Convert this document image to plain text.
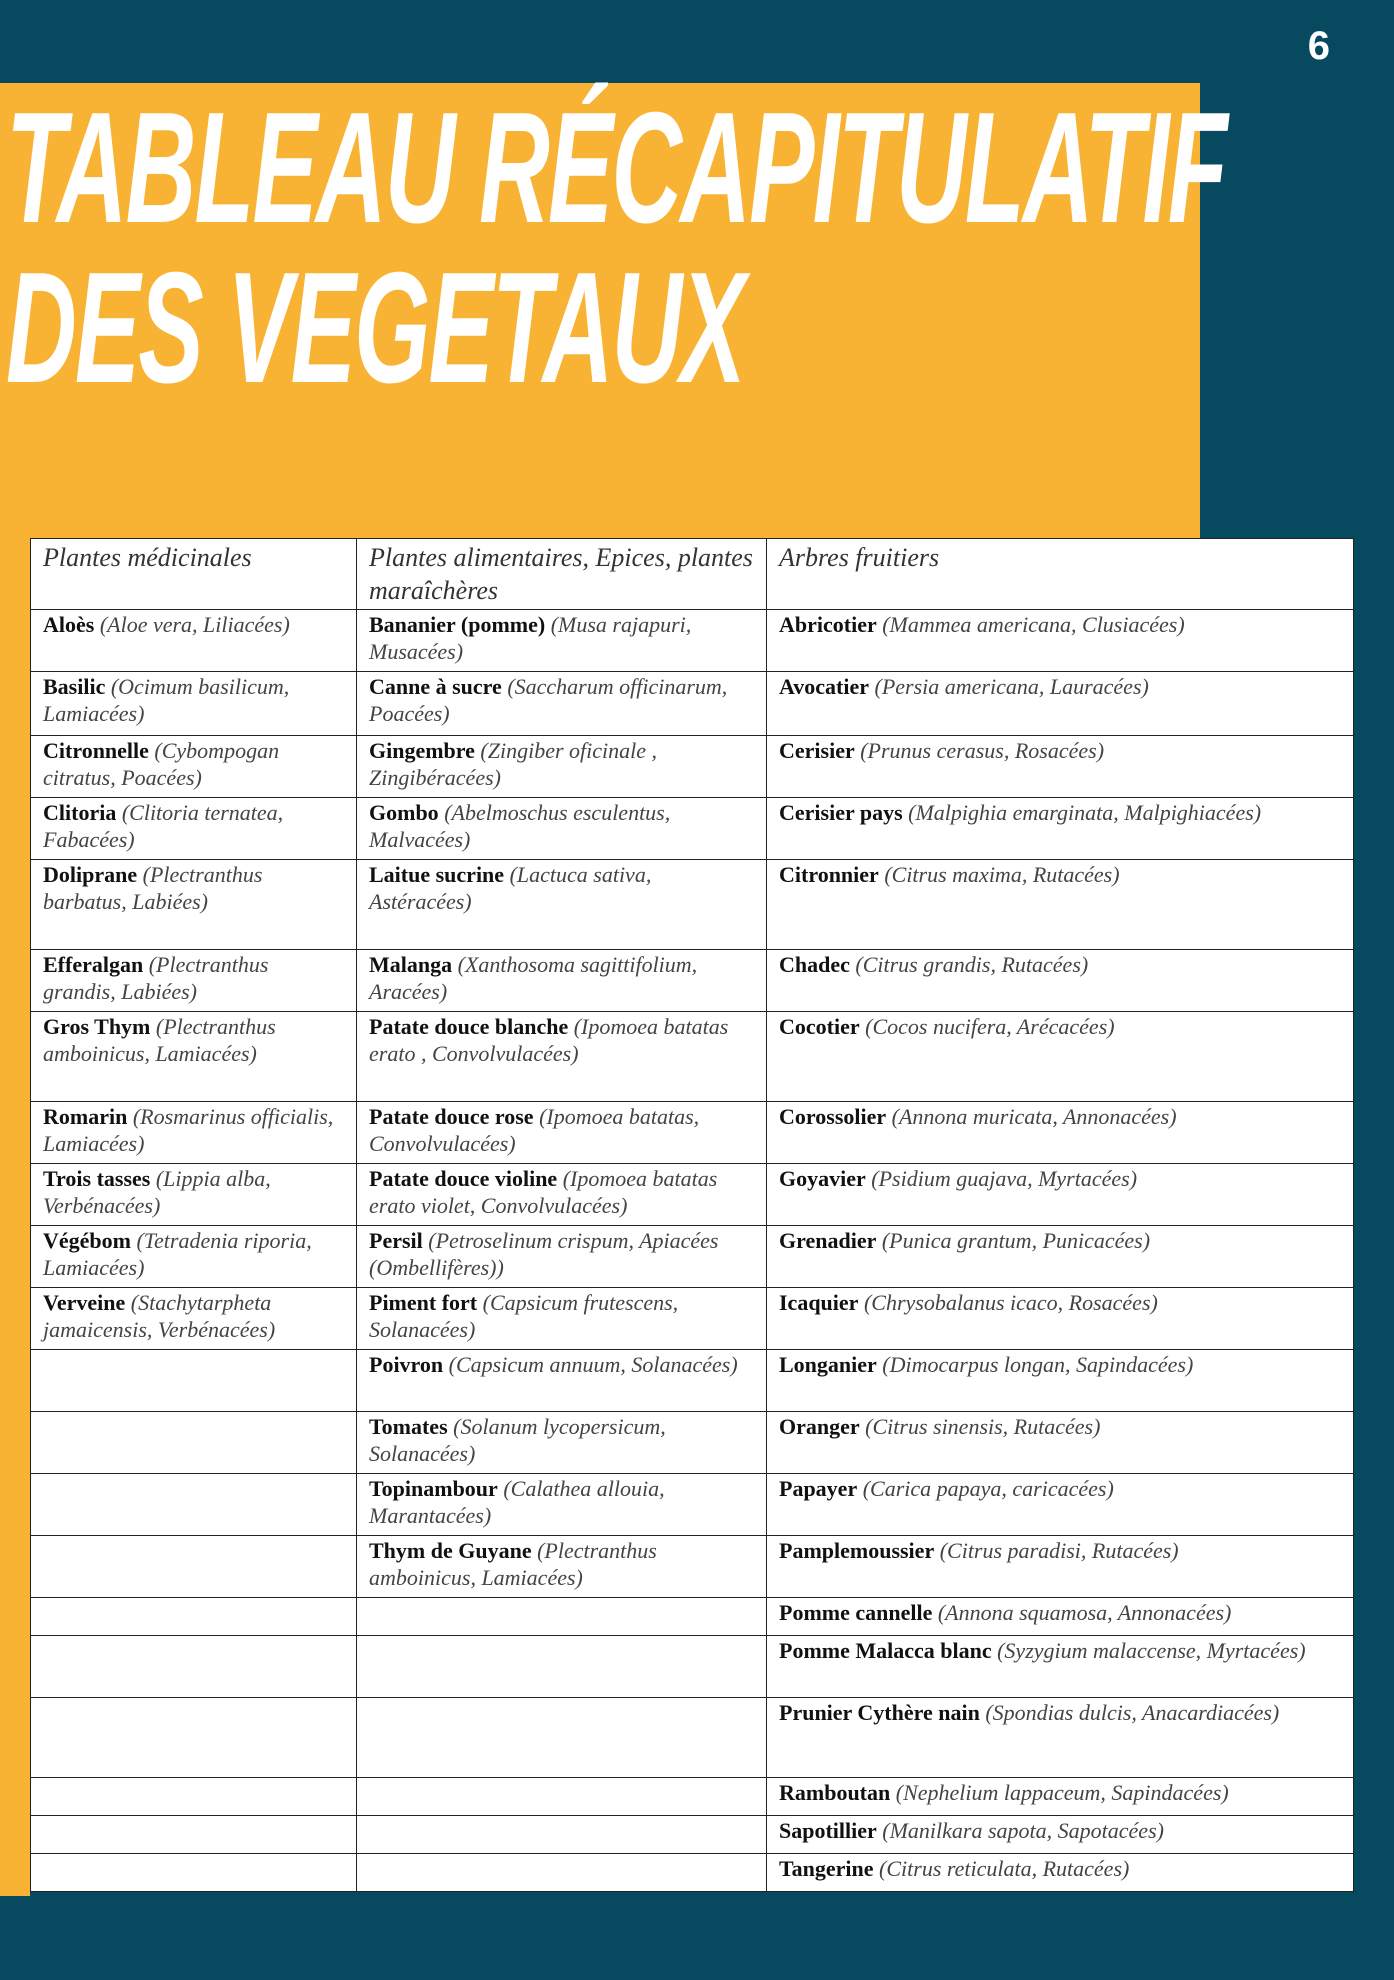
6
TABLEAU RÉCAPITULATIF
DES VEGETAUX
Plantes médicinales	Plantes alimentaires, Epices, plantes maraîchères	Arbres fruitiers
Aloès (Aloe vera, Liliacées)	Bananier (pomme) (Musa rajapuri, Musacées)	Abricotier (Mammea americana, Clusiacées)
Basilic (Ocimum basilicum, Lamiacées)	Canne à sucre (Saccharum officinarum, Poacées)	Avocatier (Persia americana, Lauracées)
Citronnelle (Cybompogan citratus, Poacées)	Gingembre (Zingiber oficinale , Zingibéracées)	Cerisier (Prunus cerasus, Rosacées)
Clitoria (Clitoria ternatea, Fabacées)	Gombo (Abelmoschus esculentus, Malvacées)	Cerisier pays (Malpighia emarginata, Malpighiacées)
Doliprane (Plectranthus barbatus, Labiées)	Laitue sucrine (Lactuca sativa, Astéracées)	Citronnier (Citrus maxima, Rutacées)
Efferalgan (Plectranthus grandis, Labiées)	Malanga (Xanthosoma sagittifolium, Aracées)	Chadec (Citrus grandis, Rutacées)
Gros Thym (Plectranthus amboinicus, Lamiacées)	Patate douce blanche (Ipomoea batatas erato , Convolvulacées)	Cocotier (Cocos nucifera, Arécacées)
Romarin (Rosmarinus officialis, Lamiacées)	Patate douce rose (Ipomoea batatas, Convolvulacées)	Corossolier (Annona muricata, Annonacées)
Trois tasses (Lippia alba, Verbénacées)	Patate douce violine (Ipomoea batatas erato violet, Convolvulacées)	Goyavier (Psidium guajava, Myrtacées)
Végébom (Tetradenia riporia, Lamiacées)	Persil (Petroselinum crispum, Apiacées (Ombellifères))	Grenadier (Punica grantum, Punicacées)
Verveine (Stachytarpheta jamaicensis, Verbénacées)	Piment fort (Capsicum frutescens, Solanacées)	Icaquier (Chrysobalanus icaco, Rosacées)
	Poivron (Capsicum annuum, Solanacées)	Longanier (Dimocarpus longan, Sapindacées)
	Tomates (Solanum lycopersicum, Solanacées)	Oranger (Citrus sinensis, Rutacées)
	Topinambour (Calathea allouia, Marantacées)	Papayer (Carica papaya, caricacées)
	Thym de Guyane (Plectranthus amboinicus, Lamiacées)	Pamplemoussier (Citrus paradisi, Rutacées)
		Pomme cannelle (Annona squamosa, Annonacées)
		Pomme Malacca blanc (Syzygium malaccense, Myrtacées)
		Prunier Cythère nain (Spondias dulcis, Anacardiacées)
		Ramboutan (Nephelium lappaceum, Sapindacées)
		Sapotillier (Manilkara sapota, Sapotacées)
		Tangerine (Citrus reticulata, Rutacées)
